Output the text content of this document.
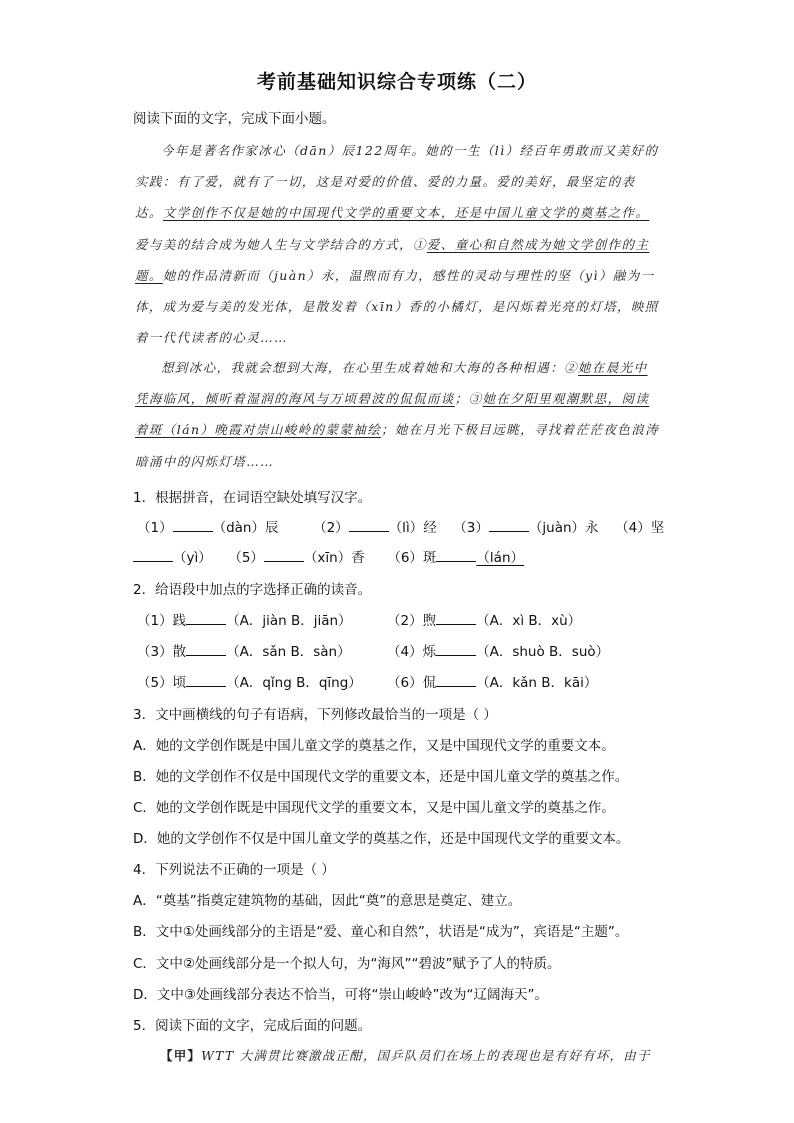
考前基础知识综合专项练（二）
阅读下面的文字，完成下面小题。
今年是著名作家冰心（dān）辰122周年。她的一生（lì）经百年勇敢而又美好的
实践：有了爱，就有了一切，这是对爱的价值、爱的力量。爱的美好，最坚定的表
达。文学创作不仅是她的中国现代文学的重要文本，还是中国儿童文学的奠基之作。
爱与美的结合成为她人生与文学结合的方式，①爱、童心和自然成为她文学创作的主
题。她的作品清新而（juàn）永，温煦而有力，感性的灵动与理性的坚（yì）融为一
体，成为爱与美的发光体，是散发着（xīn）香的小橘灯，是闪烁着光亮的灯塔，映照
着一代代读者的心灵……
想到冰心，我就会想到大海，在心里生成着她和大海的各种相遇：②她在晨光中
凭海临风，倾听着湿润的海风与万顷碧波的侃侃而谈；③她在夕阳里观潮默思，阅读
着斑（lán）晚霞对崇山峻岭的蒙蒙袖绘；她在月光下极目远眺，寻找着茫茫夜色浪涛
暗涌中的闪烁灯塔……
1．根据拼音，在词语空缺处填写汉字。
（1）	（dàn）辰	（2）	（lì）经 （3）	（juàn）永 （4）坚
（yì） （5）	（xīn）香 （6）斑	（lán）
2．给语段中加点的字选择正确的读音。
（1）践	（A．jiàn B．jiān）	（2）煦	（A．xì B．xù）
（3）散	（A．sǎn B．sàn）	（4）烁	（A．shuò B．suò）
（5）顷	（A．qǐng B．qīng） （6）侃	（A．kǎn B．kāi）
3．文中画横线的句子有语病，下列修改最恰当的一项是（ ）
A．她的文学创作既是中国儿童文学的奠基之作，又是中国现代文学的重要文本。
B．她的文学创作不仅是中国现代文学的重要文本，还是中国儿童文学的奠基之作。
C．她的文学创作既是中国现代文学的重要文本，又是中国儿童文学的奠基之作。
D．她的文学创作不仅是中国儿童文学的奠基之作，还是中国现代文学的重要文本。
4．下列说法不正确的一项是（ ）
A．“奠基”指奠定建筑物的基础，因此“奠”的意思是奠定、建立。
B．文中①处画线部分的主语是“爱、童心和自然”，状语是“成为”，宾语是“主题”。
C．文中②处画线部分是一个拟人句，为“海风”“碧波”赋予了人的特质。
D．文中③处画线部分表达不恰当，可将“崇山峻岭”改为“辽阔海天”。
5．阅读下面的文字，完成后面的问题。
【甲】WTT 大满贯比赛激战正酣，国乒队员们在场上的表现也是有好有坏，由于
